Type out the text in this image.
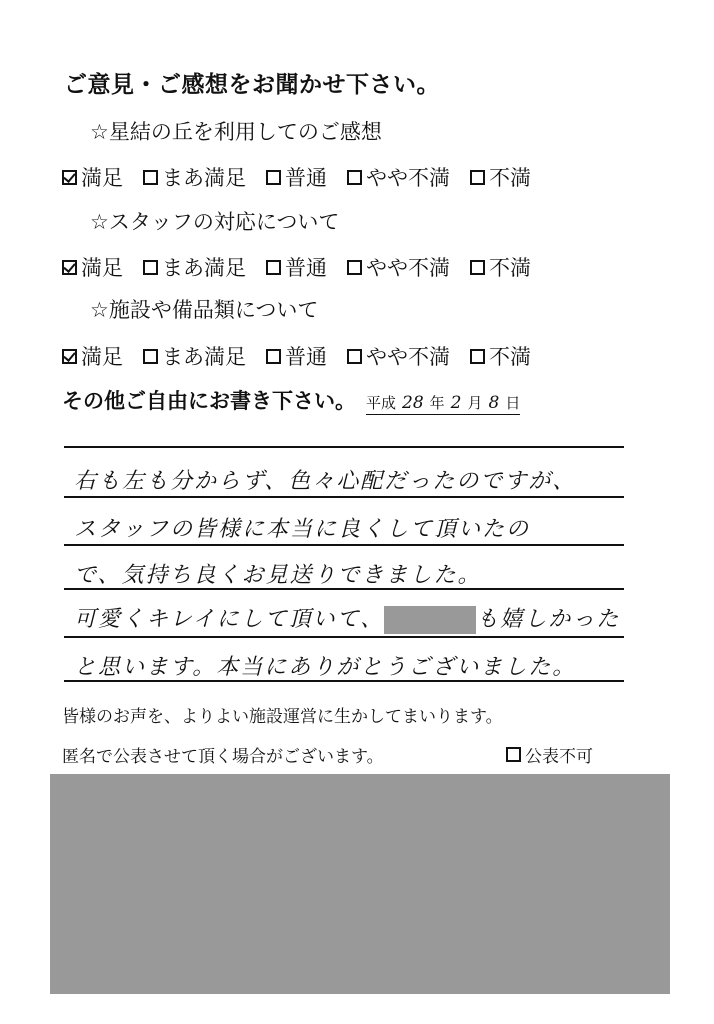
ご意見・ご感想をお聞かせ下さい。
☆星結の丘を利用してのご感想
満足 まあ満足 普通 やや不満 不満
☆スタッフの対応について
満足 まあ満足 普通 やや不満 不満
☆施設や備品類について
満足 まあ満足 普通 やや不満 不満
その他ご自由にお書き下さい。 平成 28 年 2 月 8 日
右も左も分からず、色々心配だったのですが、
スタッフの皆様に本当に良くして頂いたの
で、気持ち良くお見送りできました。
可愛くキレイにして頂いて、	も嬉しかった
と思います。本当にありがとうございました。
皆様のお声を、よりよい施設運営に生かしてまいります。
匿名で公表させて頂く場合がございます。	公表不可
